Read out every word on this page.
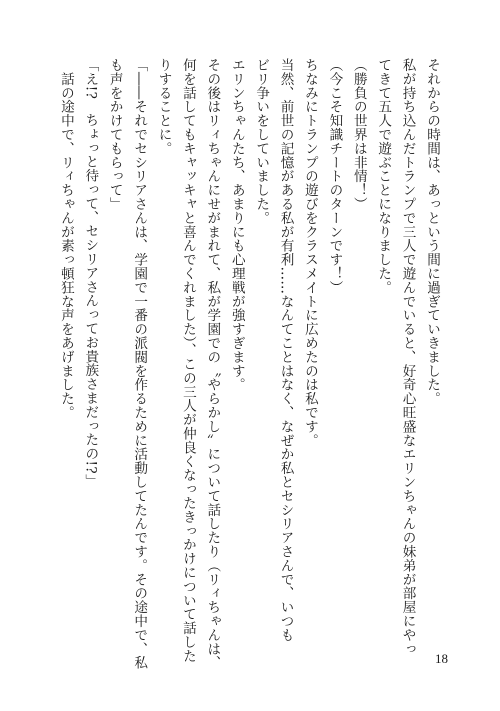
それからの時間は、あっという間に過ぎていきました。
私が持ち込んだトランプで三人で遊んでいると、好奇心旺盛なエリンちゃんの妹弟が部屋にやっ
てきて五人で遊ぶことになりました。
（勝負の世界は非情！）
（今こそ知識チートのターンです！）
ちなみにトランプの遊びをクラスメイトに広めたのは私です。
当然、前世の記憶がある私が有利……なんてことはなく、なぜか私とセシリアさんで、いつも
ビリ争いをしていました。
エリンちゃんたち、あまりにも心理戦が強すぎます。
その後はリィちゃんにせがまれて、私が学園での〝やらかし〟について話したり（リィちゃんは、
何を話してもキャッキャと喜んでくれました）、この三人が仲良くなったきっかけについて話した
りすることに。
「――それでセシリアさんは、学園で一番の派閥を作るために活動してたんです。その途中で、私
も声をかけてもらって」
「え!?　ちょっと待って、セシリアさんってお貴族さまだったの!?」
　話の途中で、リィちゃんが素っ頓狂な声をあげました。
18
